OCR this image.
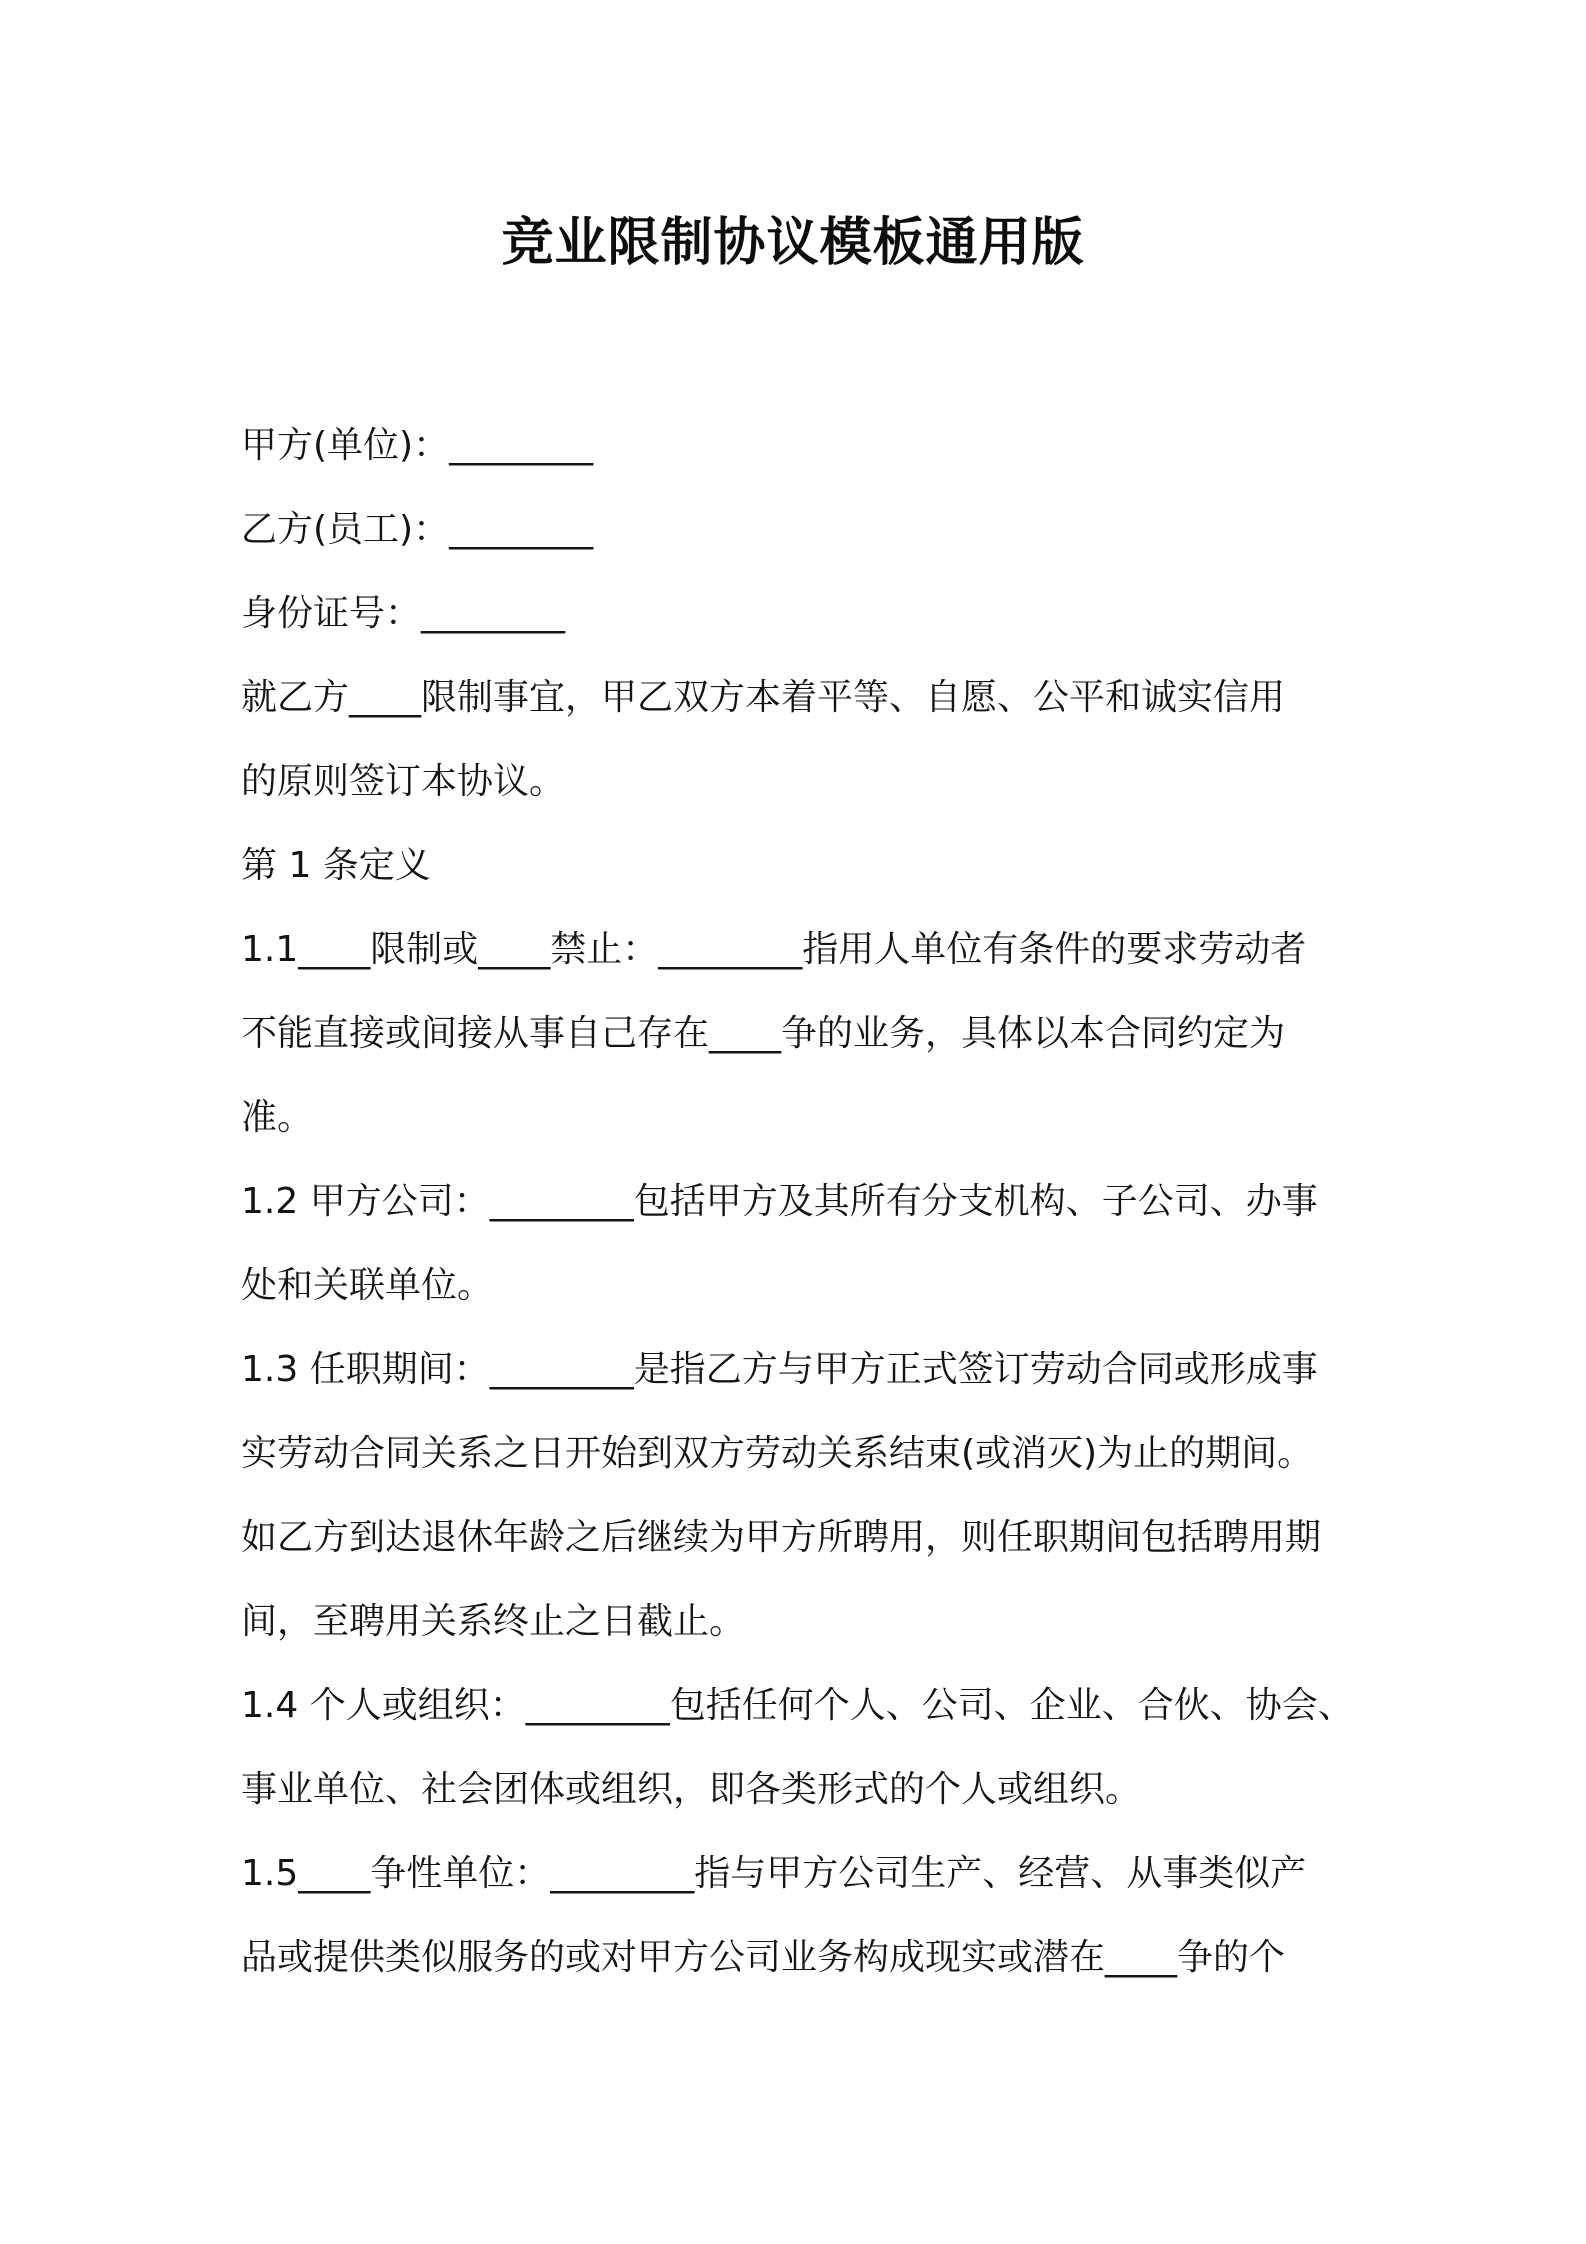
竞业限制协议模板通用版

甲方(单位)：________

乙方(员工)：________

身份证号：________

就乙方____限制事宜，甲乙双方本着平等、自愿、公平和诚实信用

的原则签订本协议。

第 1 条定义

1.1____限制或____禁止：________指用人单位有条件的要求劳动者

不能直接或间接从事自己存在____争的业务，具体以本合同约定为

准。

1.2 甲方公司：________包括甲方及其所有分支机构、子公司、办事

处和关联单位。

1.3 任职期间：________是指乙方与甲方正式签订劳动合同或形成事

实劳动合同关系之日开始到双方劳动关系结束(或消灭)为止的期间。

如乙方到达退休年龄之后继续为甲方所聘用，则任职期间包括聘用期

间，至聘用关系终止之日截止。

1.4 个人或组织：________包括任何个人、公司、企业、合伙、协会、

事业单位、社会团体或组织，即各类形式的个人或组织。

1.5____争性单位：________指与甲方公司生产、经营、从事类似产

品或提供类似服务的或对甲方公司业务构成现实或潜在____争的个
